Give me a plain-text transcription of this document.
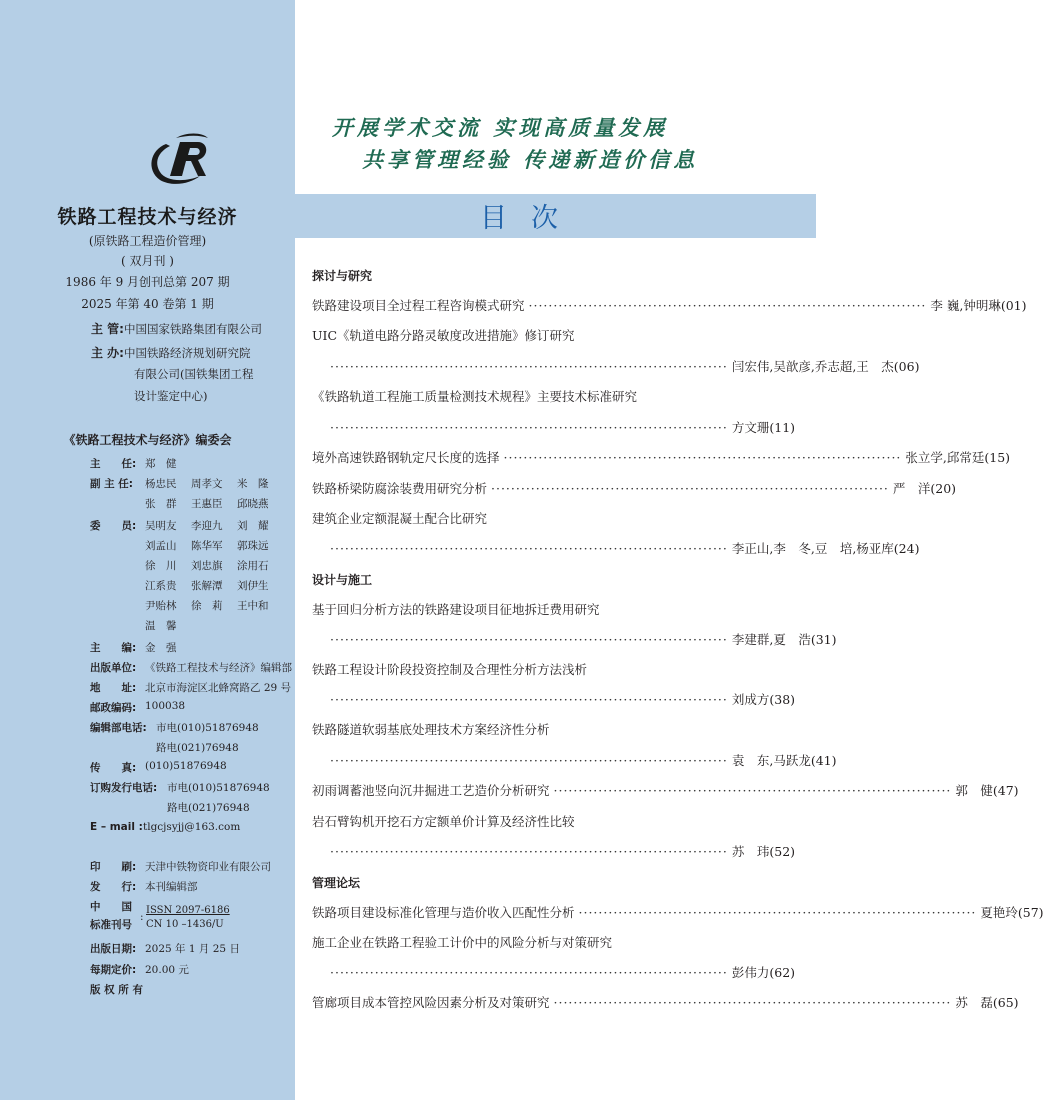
铁路工程技术与经济
(原铁路工程造价管理)
( 双月刊 )
1986 年 9 月创刊总第 207 期
2025 年第 40 卷第 1 期
主 管:中国国家铁路集团有限公司
主 办:中国铁路经济规划研究院
有限公司(国铁集团工程
设计鉴定中心)
《铁路工程技术与经济》编委会
主　　任: 郑　健
副 主 任: 杨忠民	周孝文	米　隆
张　群	王惠臣	邱晓燕
委　　员: 吴明友	李迎九	刘　耀
刘孟山	陈华军	郭珠远
徐　川	刘忠旗	涂用石
江系贵	张解潭	刘伊生
尹贻林	徐　莉	王中和
温　馨
主　　编: 金　强
出版单位: 《铁路工程技术与经济》编辑部
地　　址: 北京市海淀区北蜂窝路乙 29 号
邮政编码: 100038
编辑部电话: 市电(010)51876948
路电(021)76948
传　　真: (010)51876948
订购发行电话: 市电(010)51876948
路电(021)76948
E – mail : tlgcjsyjj@163.com
印　　刷: 天津中铁物资印业有限公司
发　　行: 本刊编辑部
中　　国
标准刊号
:
ISSN 2097-6186
CN 10 –1436/U
出版日期: 2025 年 1 月 25 日
每期定价: 20.00 元
版 权 所 有
开展学术交流 实现高质量发展
共享管理经验 传递新造价信息
目次
探讨与研究
铁路建设项目全过程工程咨询模式研究 ················································································ 李 巍,钟明琳(01)
UIC《轨道电路分路灵敏度改进措施》修订研究
················································································ 闫宏伟,吴歆彦,乔志超,王　杰(06)
《铁路轨道工程施工质量检测技术规程》主要技术标准研究
················································································ 方文珊(11)
境外高速铁路钢轨定尺长度的选择 ················································································ 张立学,邱常廷(15)
铁路桥梁防腐涂装费用研究分析 ················································································ 严　洋(20)
建筑企业定额混凝土配合比研究
················································································ 李正山,李　冬,豆　培,杨亚库(24)
设计与施工
基于回归分析方法的铁路建设项目征地拆迁费用研究
················································································ 李建群,夏　浩(31)
铁路工程设计阶段投资控制及合理性分析方法浅析
················································································ 刘成方(38)
铁路隧道软弱基底处理技术方案经济性分析
················································································ 袁　东,马跃龙(41)
初雨调蓄池竖向沉井掘进工艺造价分析研究 ················································································ 郭　健(47)
岩石臂钩机开挖石方定额单价计算及经济性比较
················································································ 苏　玮(52)
管理论坛
铁路项目建设标准化管理与造价收入匹配性分析 ················································································ 夏艳玲(57)
施工企业在铁路工程验工计价中的风险分析与对策研究
················································································ 彭伟力(62)
管廊项目成本管控风险因素分析及对策研究 ················································································ 苏　磊(65)
